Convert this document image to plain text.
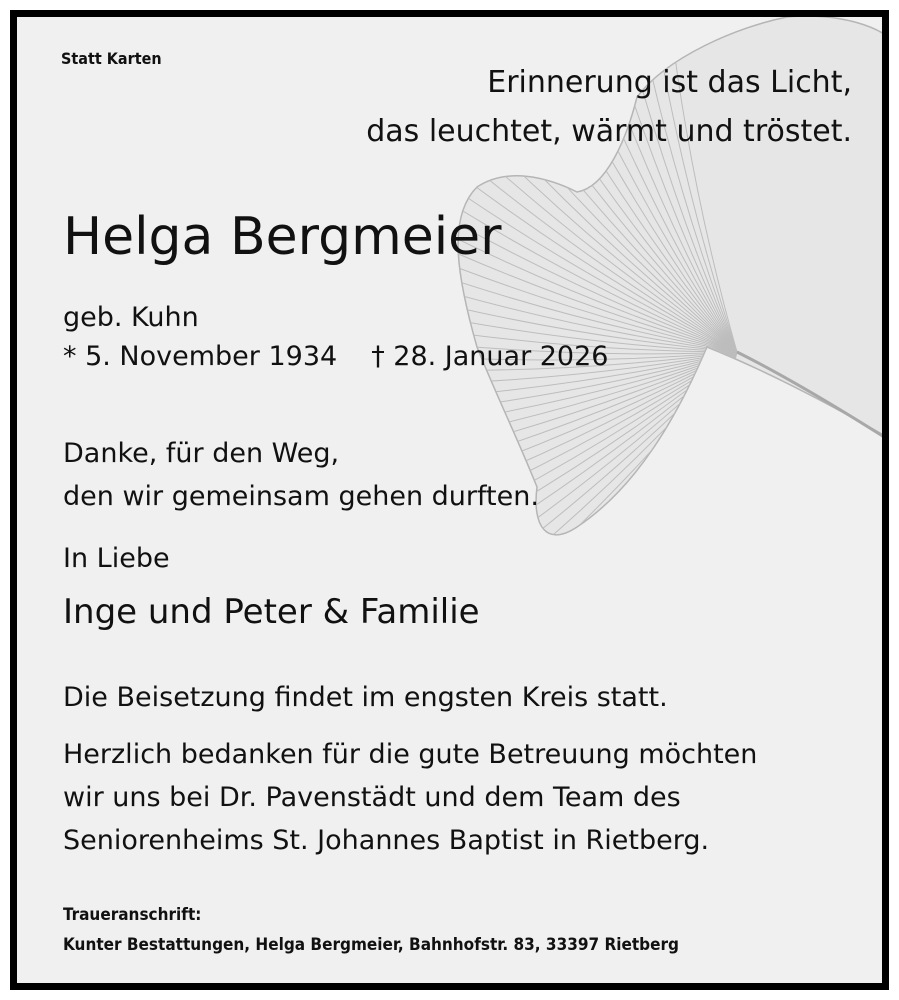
Statt Karten

Erinnerung ist das Licht,

das leuchtet, wärmt und tröstet.

Helga Bergmeier

geb. Kuhn

* 5. November 1934 † 28. Januar 2026

Danke, für den Weg,

den wir gemeinsam gehen durften.

In Liebe

Inge und Peter & Familie

Die Beisetzung findet im engsten Kreis statt.

Herzlich bedanken für die gute Betreuung möchten

wir uns bei Dr. Pavenstädt und dem Team des

Seniorenheims St. Johannes Baptist in Rietberg.

Traueranschrift:

Kunter Bestattungen, Helga Bergmeier, Bahnhofstr. 83, 33397 Rietberg
